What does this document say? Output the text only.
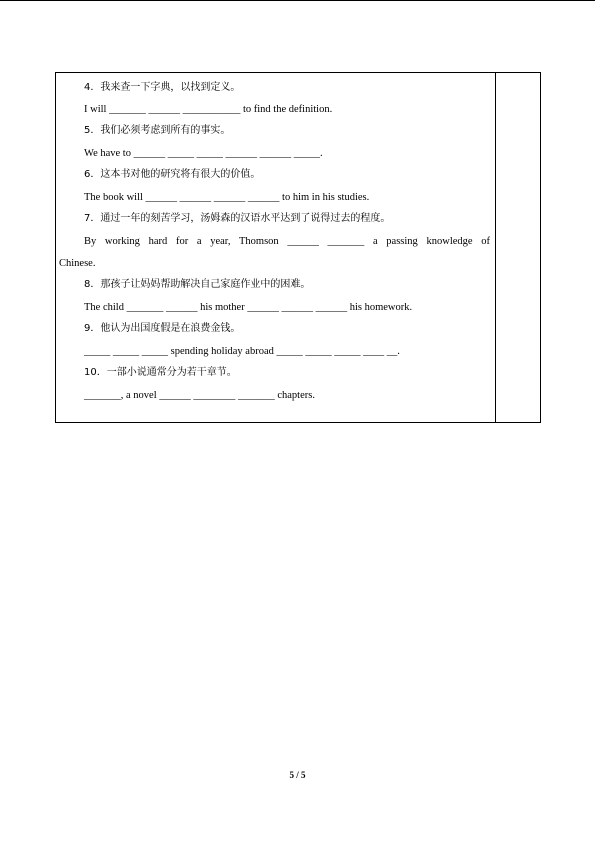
4．我来查一下字典，以找到定义。
I will _______ ______ ___________ to find the definition.
5．我们必须考虑到所有的事实。
We have to ______ _____ _____ ______ ______ _____.
6．这本书对他的研究将有很大的价值。
The book will ______ ______ ______ ______ to him in his studies.
7．通过一年的刻苦学习，汤姆森的汉语水平达到了说得过去的程度。
By working hard for a year, Thomson ______ _______ a passing knowledge of
Chinese.
8．那孩子让妈妈帮助解决自己家庭作业中的困难。
The child _______ ______ his mother ______ ______ ______ his homework.
9．他认为出国度假是在浪费金钱。
_____ _____ _____ spending holiday abroad _____ _____ _____ ____ __.
10．一部小说通常分为若干章节。
_______, a novel ______ ________ _______ chapters.
5 / 5
